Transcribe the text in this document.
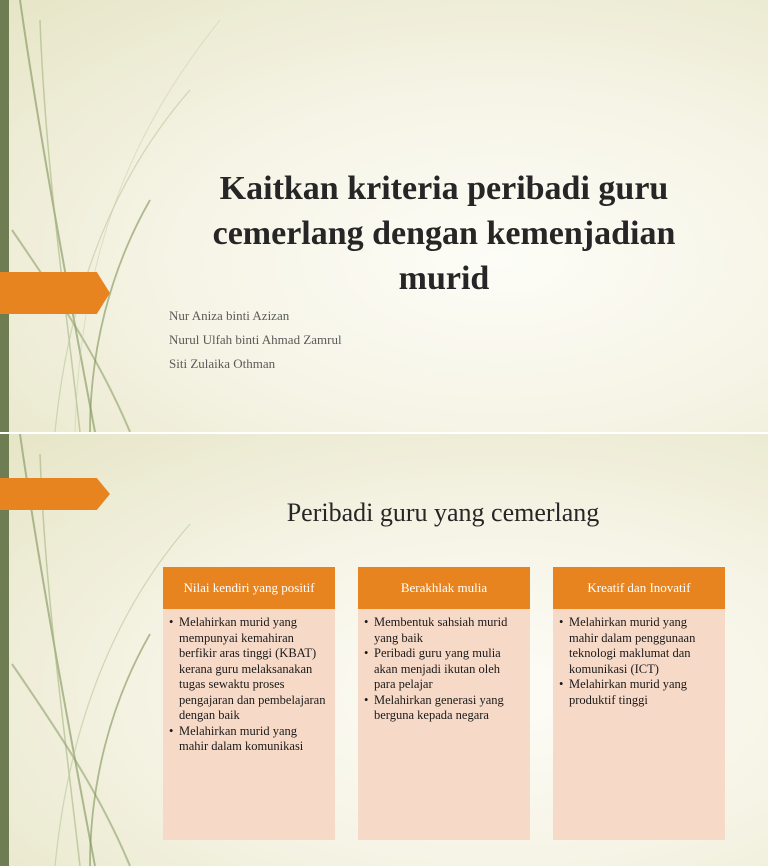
Kaitkan kriteria peribadi guru cemerlang dengan kemenjadian murid
Nur Aniza binti Azizan
Nurul Ulfah binti Ahmad Zamrul
Siti Zulaika Othman
Peribadi guru yang cemerlang
Nilai kendiri yang positif
• Melahirkan murid yang mempunyai kemahiran berfikir aras tinggi (KBAT) kerana guru melaksanakan tugas sewaktu proses pengajaran dan pembelajaran dengan baik
• Melahirkan murid yang mahir dalam komunikasi
Berakhlak mulia
• Membentuk sahsiah murid yang baik
• Peribadi guru yang mulia akan menjadi ikutan oleh para pelajar
• Melahirkan generasi yang berguna kepada negara
Kreatif dan Inovatif
• Melahirkan murid yang mahir dalam penggunaan teknologi maklumat dan komunikasi (ICT)
• Melahirkan murid yang produktif tinggi
